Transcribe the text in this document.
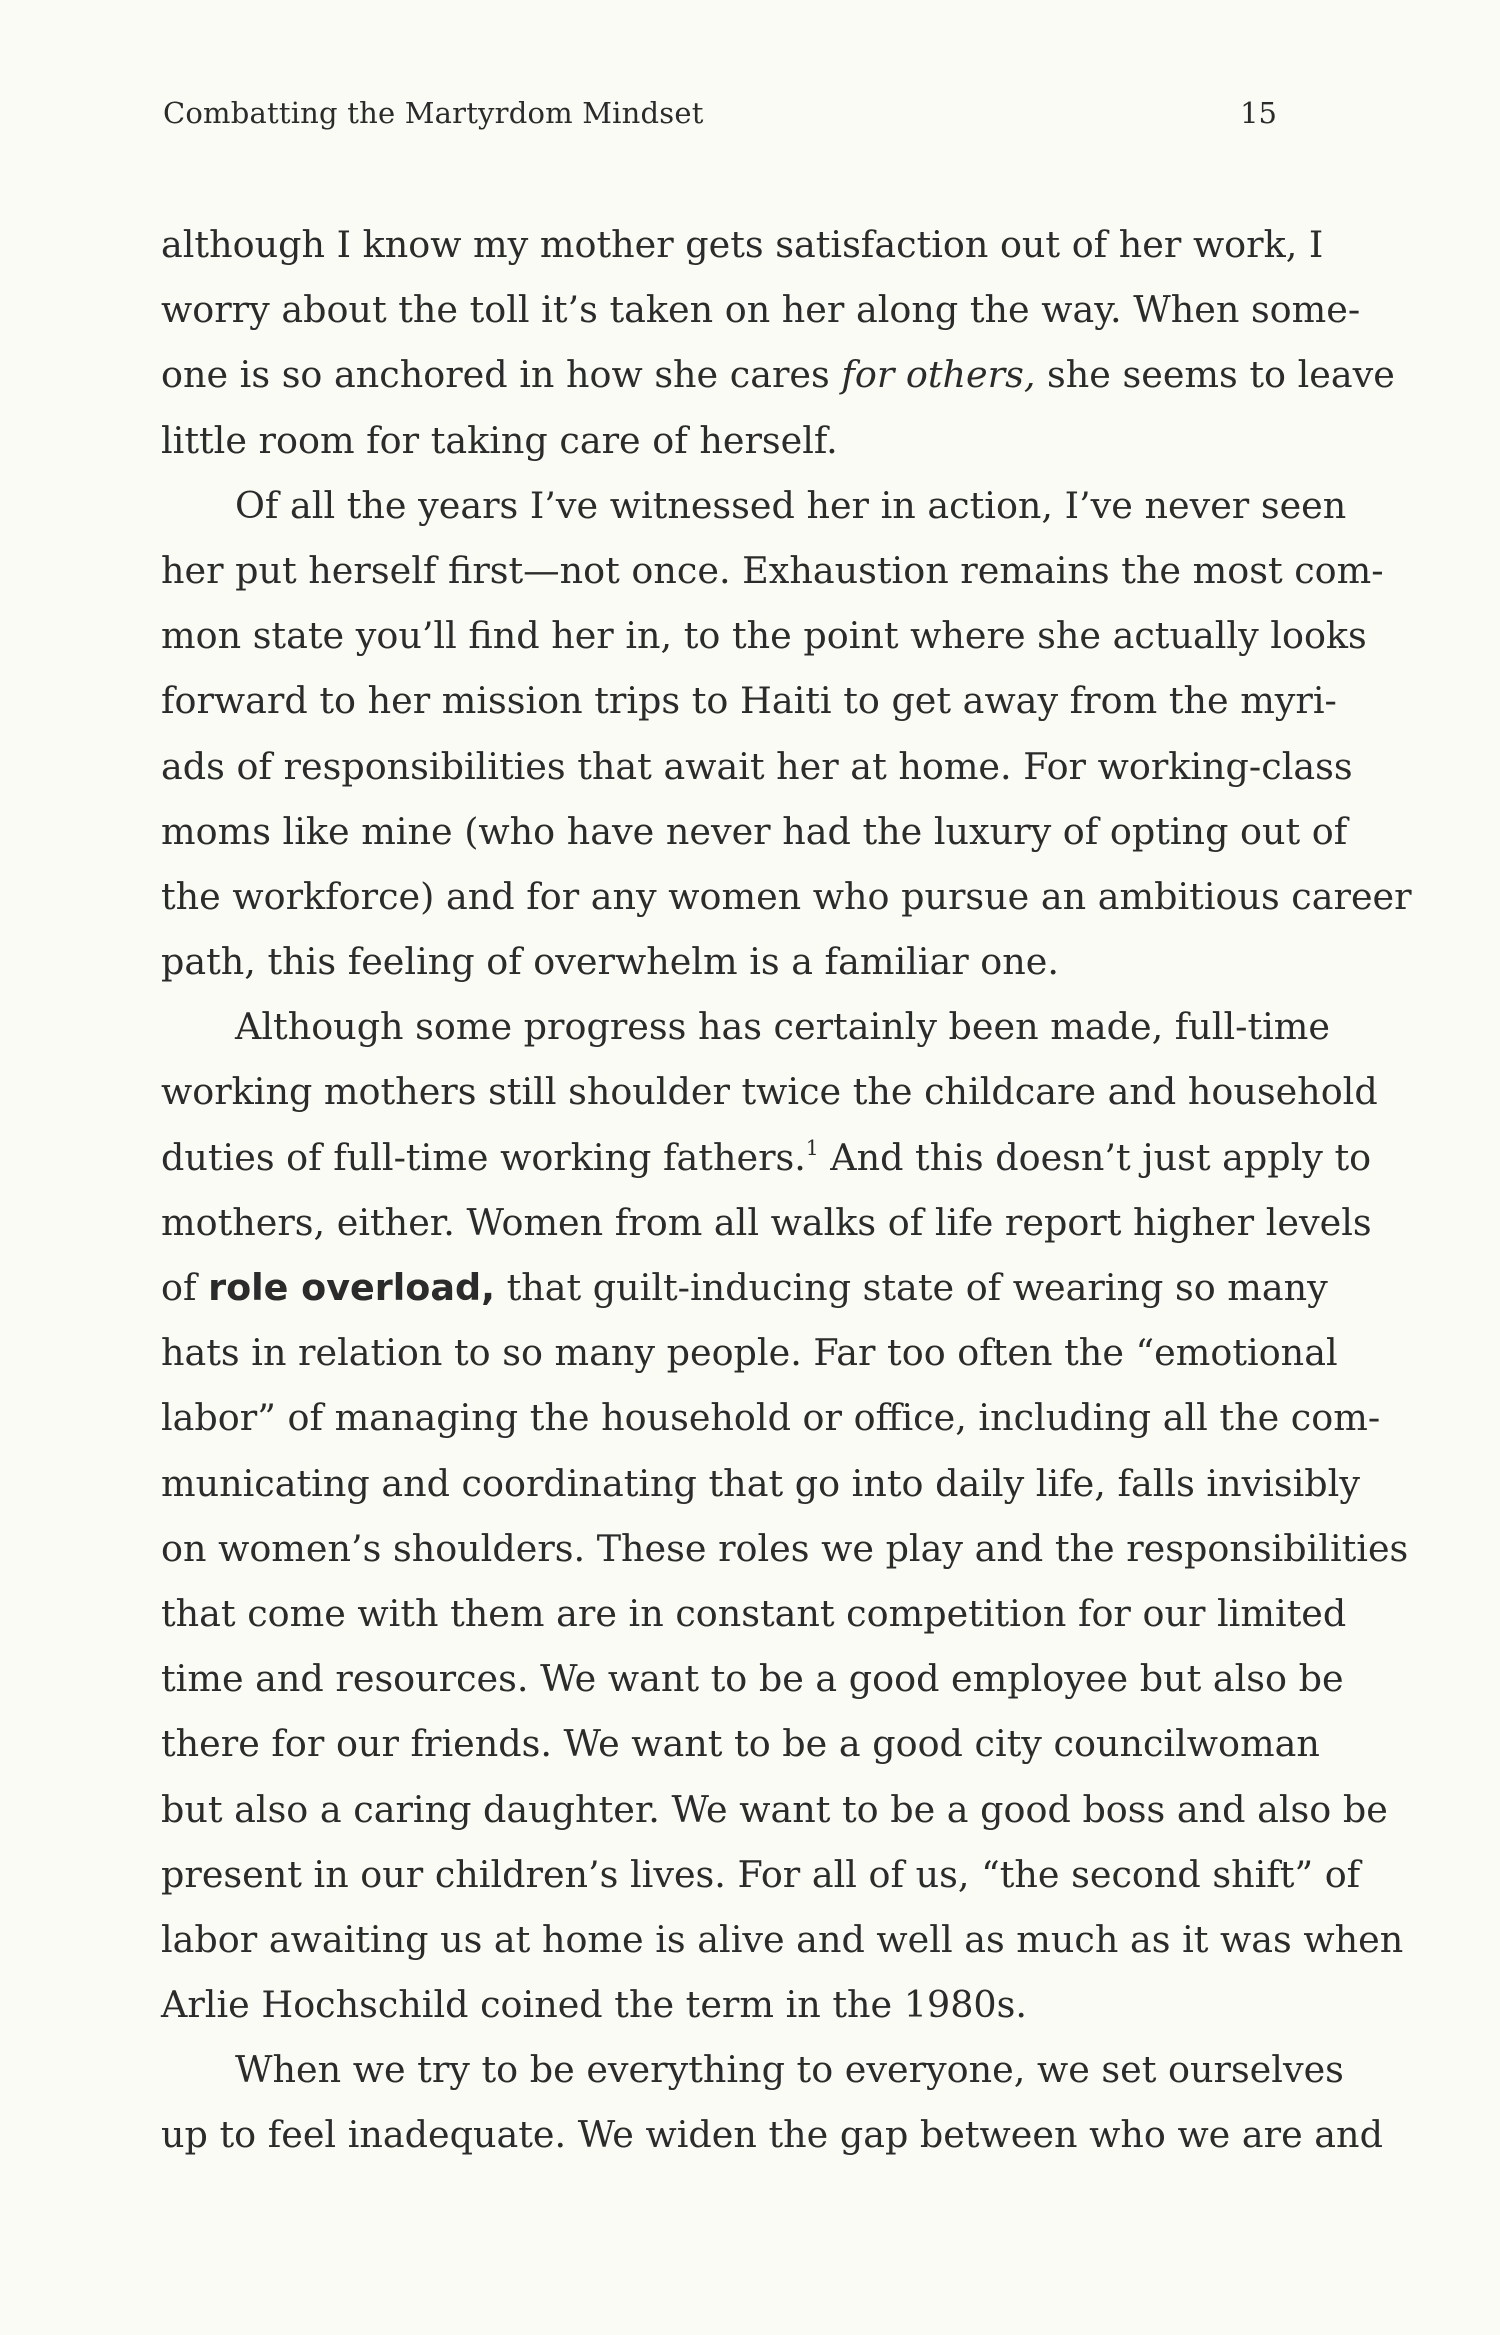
Combatting the Martyrdom Mindset	15
although I know my mother gets satisfaction out of her work, I
worry about the toll it’s taken on her along the way. When some-
one is so anchored in how she cares for others, she seems to leave
little room for taking care of herself.
Of all the years I’ve witnessed her in action, I’ve never seen
her put herself first—not once. Exhaustion remains the most com-
mon state you’ll find her in, to the point where she actually looks
forward to her mission trips to Haiti to get away from the myri-
ads of responsibilities that await her at home. For working-class
moms like mine (who have never had the luxury of opting out of
the workforce) and for any women who pursue an ambitious career
path, this feeling of overwhelm is a familiar one.
Although some progress has certainly been made, full-time
working mothers still shoulder twice the childcare and household
duties of full-time working fathers.$^1$ And this doesn’t just apply to
mothers, either. Women from all walks of life report higher levels
of role overload, that guilt-inducing state of wearing so many
hats in relation to so many people. Far too often the “emotional
labor” of managing the household or office, including all the com-
municating and coordinating that go into daily life, falls invisibly
on women’s shoulders. These roles we play and the responsibilities
that come with them are in constant competition for our limited
time and resources. We want to be a good employee but also be
there for our friends. We want to be a good city councilwoman
but also a caring daughter. We want to be a good boss and also be
present in our children’s lives. For all of us, “the second shift” of
labor awaiting us at home is alive and well as much as it was when
Arlie Hochschild coined the term in the 1980s.
When we try to be everything to everyone, we set ourselves
up to feel inadequate. We widen the gap between who we are and
